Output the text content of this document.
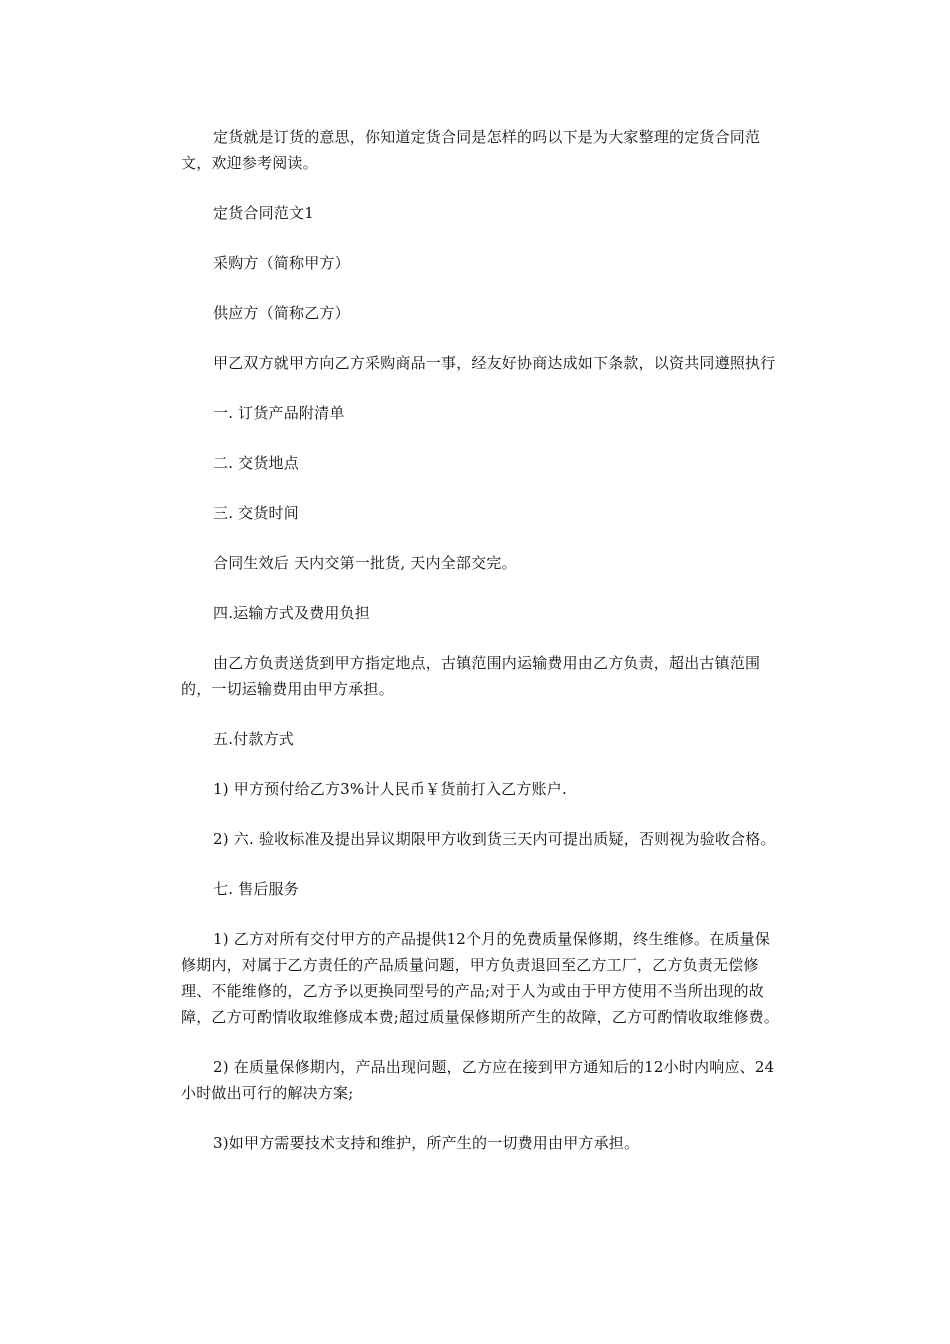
定货就是订货的意思，你知道定货合同是怎样的吗以下是为大家整理的定货合同范文，欢迎参考阅读。

定货合同范文1

采购方（简称甲方）

供应方（简称乙方）

甲乙双方就甲方向乙方采购商品一事，经友好协商达成如下条款，以资共同遵照执行

一. 订货产品附清单

二. 交货地点

三. 交货时间

合同生效后 天内交第一批货, 天内全部交完。

四.运输方式及费用负担

由乙方负责送货到甲方指定地点，古镇范围内运输费用由乙方负责，超出古镇范围的，一切运输费用由甲方承担。

五.付款方式

1) 甲方预付给乙方3%计人民币￥货前打入乙方账户.

2) 六. 验收标准及提出异议期限甲方收到货三天内可提出质疑，否则视为验收合格。

七. 售后服务

1) 乙方对所有交付甲方的产品提供12个月的免费质量保修期，终生维修。在质量保修期内，对属于乙方责任的产品质量问题，甲方负责退回至乙方工厂，乙方负责无偿修理、不能维修的，乙方予以更换同型号的产品;对于人为或由于甲方使用不当所出现的故障，乙方可酌情收取维修成本费;超过质量保修期所产生的故障，乙方可酌情收取维修费。

2) 在质量保修期内，产品出现问题，乙方应在接到甲方通知后的12小时内响应、24小时做出可行的解决方案;

3)如甲方需要技术支持和维护，所产生的一切费用由甲方承担。
